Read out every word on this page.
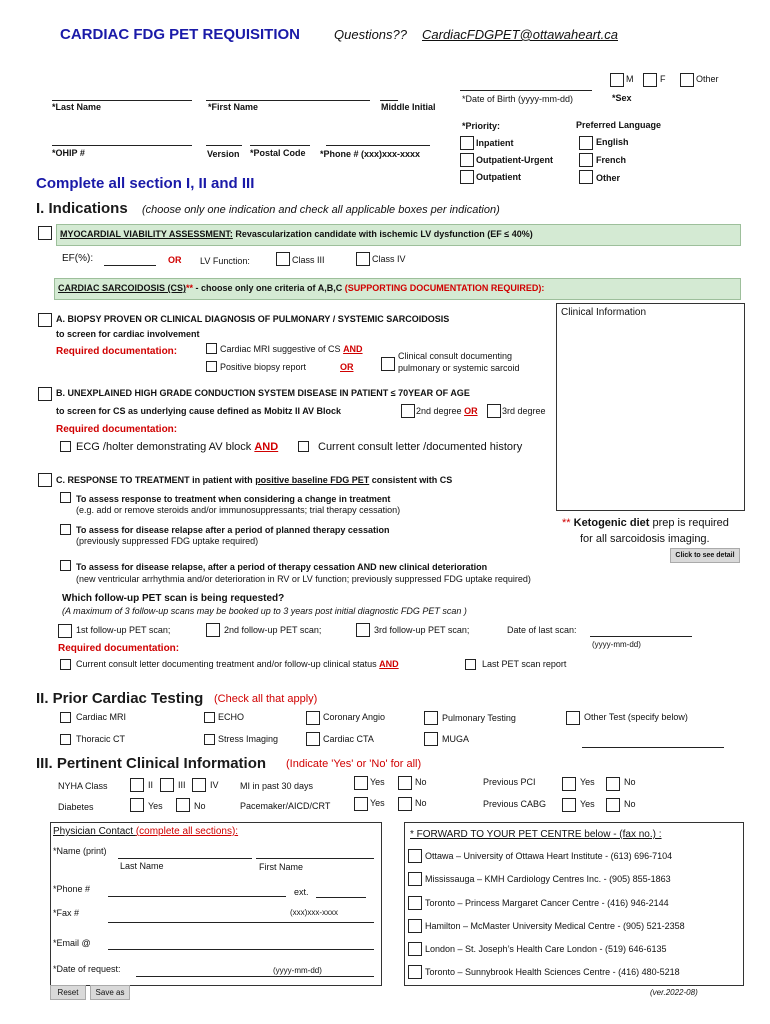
CARDIAC FDG PET REQUISITION	Questions?? CardiacFDGPET@ottawaheart.ca
M	F	Other
*Last Name	*First Name	Middle Initial
*Date of Birth (yyyy-mm-dd)	*Sex
*Priority:	Preferred Language
Inpatient
Outpatient-Urgent
Outpatient
English
French
Other
*OHIP #	Version *Postal Code *Phone # (xxx)xxx-xxxx
Complete all section I, II and III
I. Indications (choose only one indication and check all applicable boxes per indication)
MYOCARDIAL VIABILITY ASSESSMENT: Revascularization candidate with ischemic LV dysfunction (EF ≤ 40%)
EF(%):	OR LV Function:	Class III	Class IV
CARDIAC SARCOIDOSIS (CS)** - choose only one criteria of A,B,C (SUPPORTING DOCUMENTATION REQUIRED):
Clinical Information
A. BIOPSY PROVEN OR CLINICAL DIAGNOSIS OF PULMONARY / SYSTEMIC SARCOIDOSIS
to screen for cardiac involvement
Required documentation:	Cardiac MRI suggestive of CS AND
Positive biopsy report	OR
Clinical consult documenting
pulmonary or systemic sarcoid
B. UNEXPLAINED HIGH GRADE CONDUCTION SYSTEM DISEASE IN PATIENT ≤ 70YEAR OF AGE
to screen for CS as underlying cause defined as Mobitz II AV Block	2nd degree OR	3rd degree
Required documentation:
ECG /holter demonstrating AV block AND	Current consult letter /documented history
C. RESPONSE TO TREATMENT in patient with positive baseline FDG PET consistent with CS
To assess response to treatment when considering a change in treatment
(e.g. add or remove steroids and/or immunosuppressants; trial therapy cessation)
To assess for disease relapse after a period of planned therapy cessation
(previously suppressed FDG uptake required)
** Ketogenic diet prep is required
for all sarcoidosis imaging.
Click to see detail
To assess for disease relapse, after a period of therapy cessation AND new clinical deterioration
(new ventricular arrhythmia and/or deterioration in RV or LV function; previously suppressed FDG uptake required)
Which follow-up PET scan is being requested?
(A maximum of 3 follow-up scans may be booked up to 3 years post initial diagnostic FDG PET scan )
1st follow-up PET scan;	2nd follow-up PET scan;	3rd follow-up PET scan;	Date of last scan:
(yyyy-mm-dd)
Required documentation:
Current consult letter documenting treatment and/or follow-up clinical status AND	Last PET scan report
II. Prior Cardiac Testing (Check all that apply)
Cardiac MRI	ECHO	Coronary Angio	Pulmonary Testing	Other Test (specify below)
Thoracic CT	Stress Imaging	Cardiac CTA	MUGA
III. Pertinent Clinical Information (Indicate 'Yes' or 'No' for all)
NYHA Class	II	III	IV MI in past 30 days	Yes	No	Previous PCI	Yes	No
Diabetes	Yes	No	Pacemaker/AICD/CRT	Yes	No	Previous CABG	Yes	No
Physician Contact (complete all sections):
*Name (print)
Last Name	First Name
*Phone #	ext.
*Fax #	(xxx)xxx-xxxx
*Email @
*Date of request:	(yyyy-mm-dd)
* FORWARD TO YOUR PET CENTRE below - (fax no.) :
Ottawa – University of Ottawa Heart Institute - (613) 696-7104
Mississauga – KMH Cardiology Centres Inc. - (905) 855-1863
Toronto – Princess Margaret Cancer Centre - (416) 946-2144
Hamilton – McMaster University Medical Centre - (905) 521-2358
London – St. Joseph’s Health Care London - (519) 646-6135
Toronto – Sunnybrook Health Sciences Centre - (416) 480-5218
Reset	Save as	(ver.2022-08)
